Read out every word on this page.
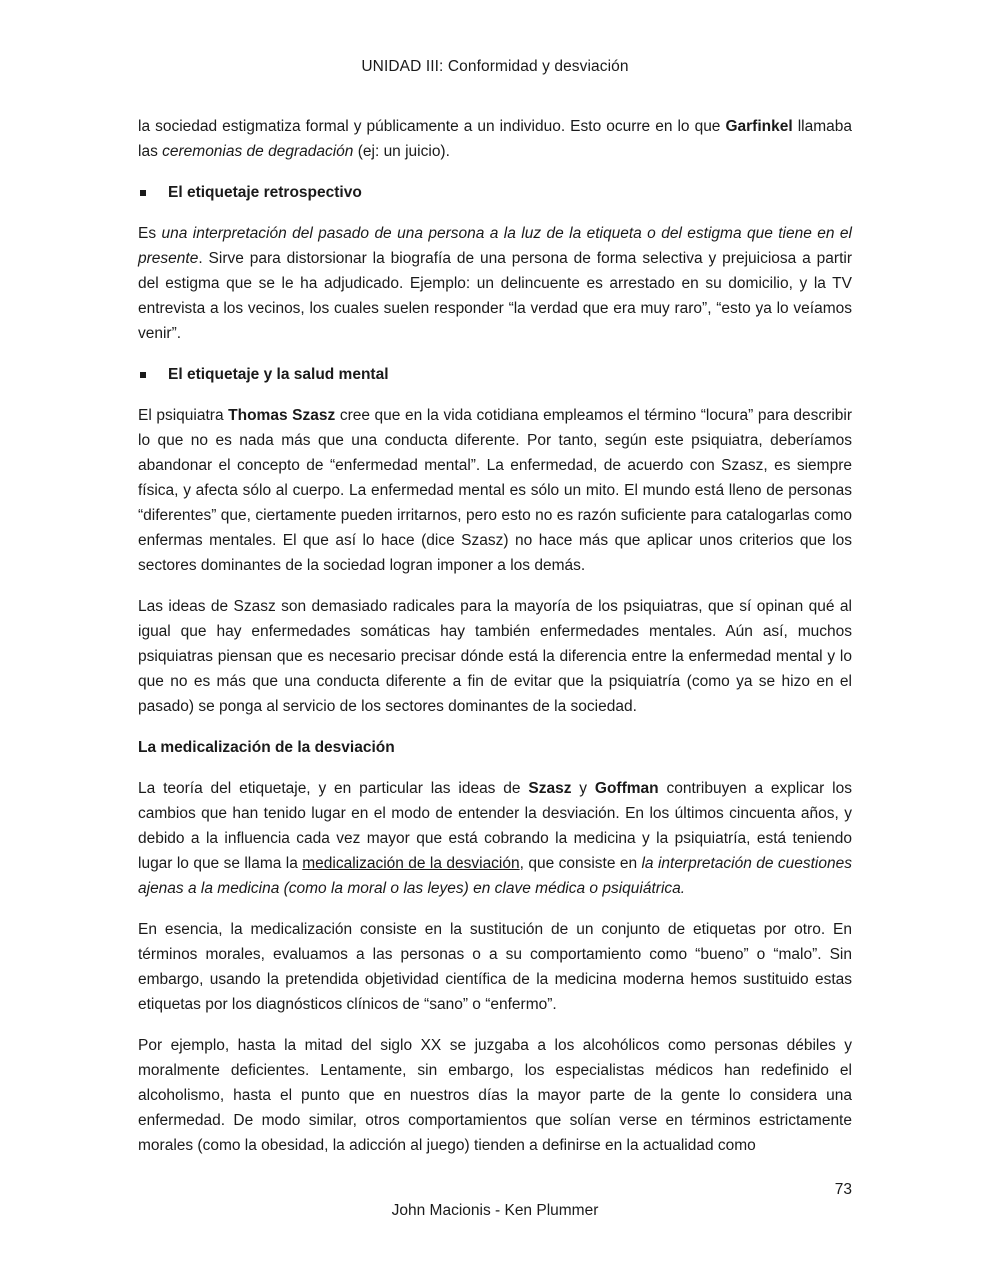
UNIDAD III: Conformidad y desviación

la sociedad estigmatiza formal y públicamente a un individuo. Esto ocurre en lo que Garfinkel llamaba las ceremonias de degradación (ej: un juicio).

El etiquetaje retrospectivo

Es una interpretación del pasado de una persona a la luz de la etiqueta o del estigma que tiene en el presente. Sirve para distorsionar la biografía de una persona de forma selectiva y prejuiciosa a partir del estigma que se le ha adjudicado. Ejemplo: un delincuente es arrestado en su domicilio, y la TV entrevista a los vecinos, los cuales suelen responder “la verdad que era muy raro”, “esto ya lo veíamos venir”.

El etiquetaje y la salud mental

El psiquiatra Thomas Szasz cree que en la vida cotidiana empleamos el término “locura” para describir lo que no es nada más que una conducta diferente. Por tanto, según este psiquiatra, deberíamos abandonar el concepto de “enfermedad mental”. La enfermedad, de acuerdo con Szasz, es siempre física, y afecta sólo al cuerpo. La enfermedad mental es sólo un mito. El mundo está lleno de personas “diferentes” que, ciertamente pueden irritarnos, pero esto no es razón suficiente para catalogarlas como enfermas mentales. El que así lo hace (dice Szasz) no hace más que aplicar unos criterios que los sectores dominantes de la sociedad logran imponer a los demás.

Las ideas de Szasz son demasiado radicales para la mayoría de los psiquiatras, que sí opinan qué al igual que hay enfermedades somáticas hay también enfermedades mentales. Aún así, muchos psiquiatras piensan que es necesario precisar dónde está la diferencia entre la enfermedad mental y lo que no es más que una conducta diferente a fin de evitar que la psiquiatría (como ya se hizo en el pasado) se ponga al servicio de los sectores dominantes de la sociedad.

La medicalización de la desviación

La teoría del etiquetaje, y en particular las ideas de Szasz y Goffman contribuyen a explicar los cambios que han tenido lugar en el modo de entender la desviación. En los últimos cincuenta años, y debido a la influencia cada vez mayor que está cobrando la medicina y la psiquiatría, está teniendo lugar lo que se llama la medicalización de la desviación, que consiste en la interpretación de cuestiones ajenas a la medicina (como la moral o las leyes) en clave médica o psiquiátrica.

En esencia, la medicalización consiste en la sustitución de un conjunto de etiquetas por otro. En términos morales, evaluamos a las personas o a su comportamiento como “bueno” o “malo”. Sin embargo, usando la pretendida objetividad científica de la medicina moderna hemos sustituido estas etiquetas por los diagnósticos clínicos de “sano” o “enfermo”.

Por ejemplo, hasta la mitad del siglo XX se juzgaba a los alcohólicos como personas débiles y moralmente deficientes. Lentamente, sin embargo, los especialistas médicos han redefinido el alcoholismo, hasta el punto que en nuestros días la mayor parte de la gente lo considera una enfermedad. De modo similar, otros comportamientos que solían verse en términos estrictamente morales (como la obesidad, la adicción al juego) tienden a definirse en la actualidad como

73
John Macionis - Ken Plummer
